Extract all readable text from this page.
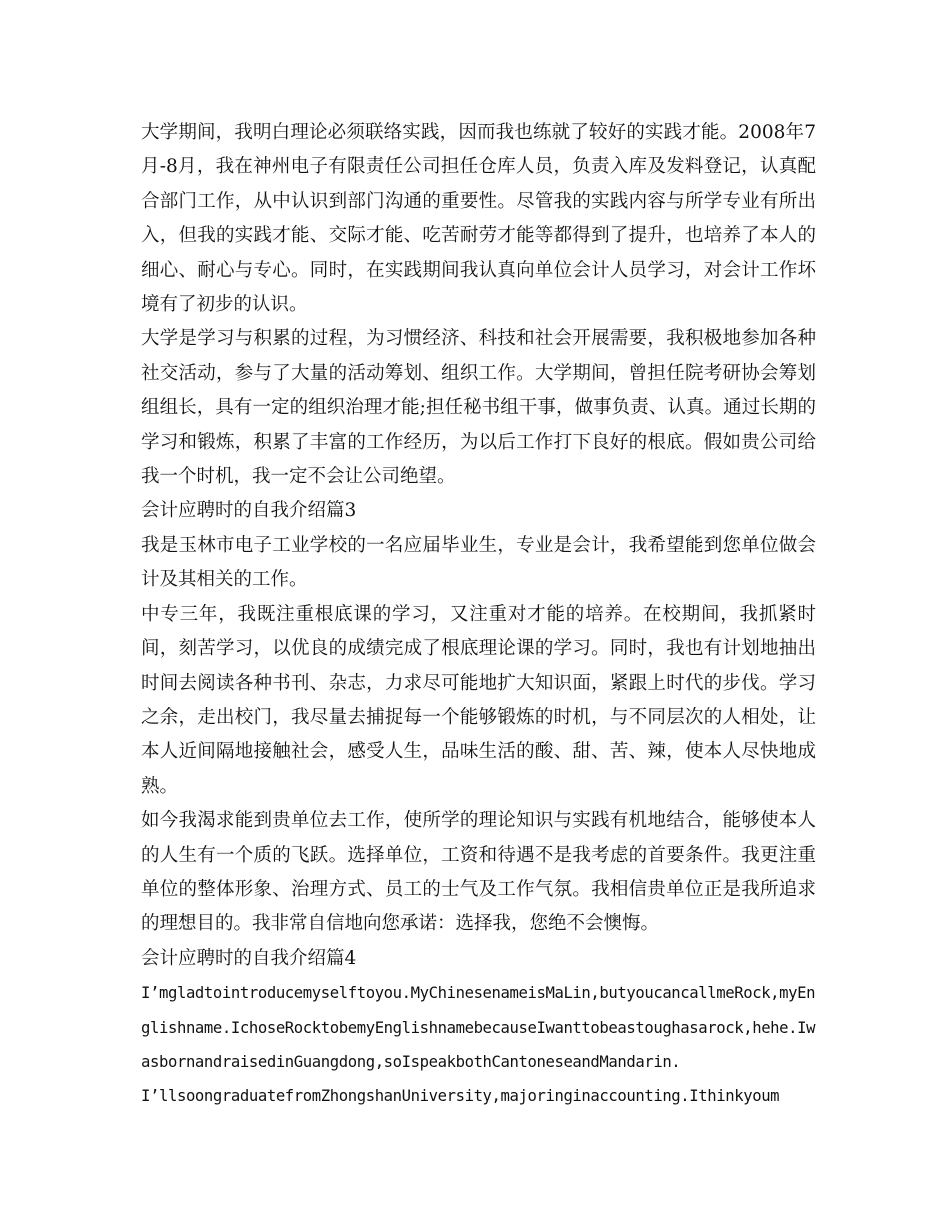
大学期间，我明白理论必须联络实践，因而我也练就了较好的实践才能。2008年7月-8月，我在神州电子有限责任公司担任仓库人员，负责入库及发料登记，认真配合部门工作，从中认识到部门沟通的重要性。尽管我的实践内容与所学专业有所出入，但我的实践才能、交际才能、吃苦耐劳才能等都得到了提升，也培养了本人的细心、耐心与专心。同时，在实践期间我认真向单位会计人员学习，对会计工作坏境有了初步的认识。

大学是学习与积累的过程，为习惯经济、科技和社会开展需要，我积极地参加各种社交活动，参与了大量的活动筹划、组织工作。大学期间，曾担任院考研协会筹划组组长，具有一定的组织治理才能;担任秘书组干事，做事负责、认真。通过长期的学习和锻炼，积累了丰富的工作经历，为以后工作打下良好的根底。假如贵公司给我一个时机，我一定不会让公司绝望。

会计应聘时的自我介绍篇3

我是玉林市电子工业学校的一名应届毕业生，专业是会计，我希望能到您单位做会计及其相关的工作。

中专三年，我既注重根底课的学习，又注重对才能的培养。在校期间，我抓紧时间，刻苦学习，以优良的成绩完成了根底理论课的学习。同时，我也有计划地抽出时间去阅读各种书刊、杂志，力求尽可能地扩大知识面，紧跟上时代的步伐。学习之余，走出校门，我尽量去捕捉每一个能够锻炼的时机，与不同层次的人相处，让本人近间隔地接触社会，感受人生，品味生活的酸、甜、苦、辣，使本人尽快地成熟。

如今我渴求能到贵单位去工作，使所学的理论知识与实践有机地结合，能够使本人的人生有一个质的飞跃。选择单位，工资和待遇不是我考虑的首要条件。我更注重单位的整体形象、治理方式、员工的士气及工作气氛。我相信贵单位正是我所追求的理想目的。我非常自信地向您承诺：选择我，您绝不会懊悔。

会计应聘时的自我介绍篇4

I’mgladtointroducemyselftoyou.MyChinesenameisMaLin,butyoucancallmeRock,myEnglishname.IchoseRocktobemyEnglishnamebecauseIwanttobeastoughasarock,hehe.IwasbornandraisedinGuangdong,soIspeakbothCantoneseandMandarin.

I’llsoongraduatefromZhongshanUniversity,majoringinaccounting.Ithinkyoum
